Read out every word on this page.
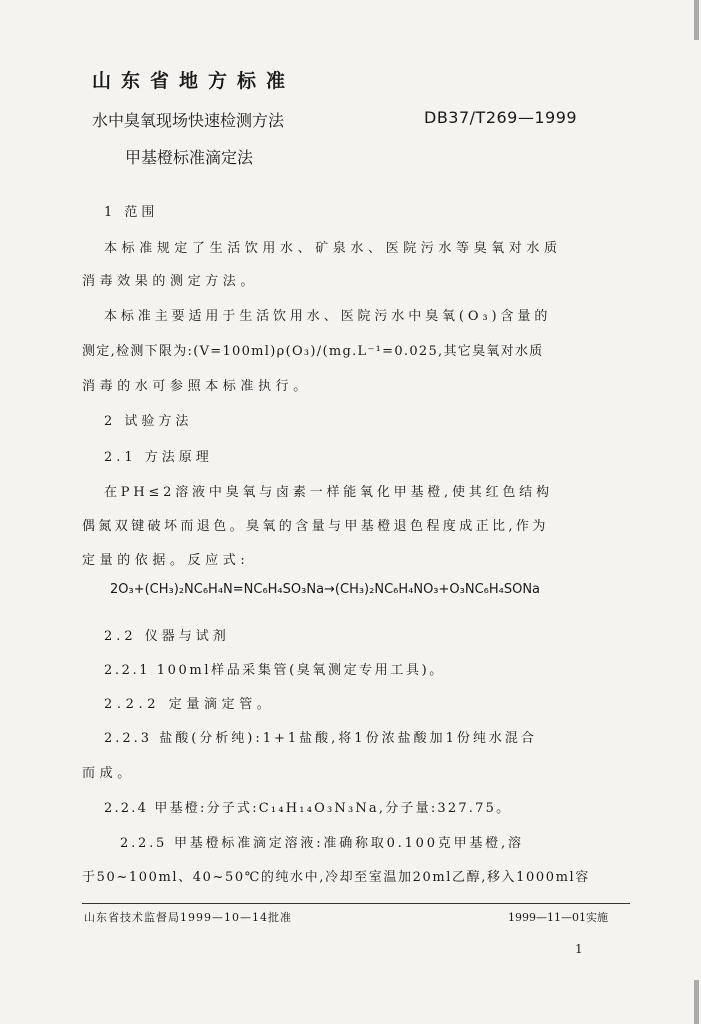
山东省地方标准
水中臭氧现场快速检测方法	DB37/T269—1999
甲基橙标准滴定法
1 范围
本标准规定了生活饮用水、矿泉水、医院污水等臭氧对水质
消毒效果的测定方法。
本标准主要适用于生活饮用水、医院污水中臭氧(O₃)含量的
测定,检测下限为:(V=100ml)ρ(O₃)/(mg.L⁻¹=0.025,其它臭氧对水质
消毒的水可参照本标准执行。
2 试验方法
2.1 方法原理
在PH≤2溶液中臭氧与卤素一样能氧化甲基橙,使其红色结构
偶氮双键破坏而退色。臭氧的含量与甲基橙退色程度成正比,作为
定量的依据。反应式:
2O₃+(CH₃)₂NC₆H₄N=NC₆H₄SO₃Na→(CH₃)₂NC₆H₄NO₃+O₃NC₆H₄SONa
2.2 仪器与试剂
2.2.1 100ml样品采集管(臭氧测定专用工具)。
2.2.2 定量滴定管。
2.2.3 盐酸(分析纯):1+1盐酸,将1份浓盐酸加1份纯水混合
而成。
2.2.4 甲基橙:分子式:C₁₄H₁₄O₃N₃Na,分子量:327.75。
2.2.5 甲基橙标准滴定溶液:准确称取0.100克甲基橙,溶
于50~100ml、40~50℃的纯水中,冷却至室温加20ml乙醇,移入1000ml容
山东省技术监督局1999—10—14批准	1999—11—01实施
1
